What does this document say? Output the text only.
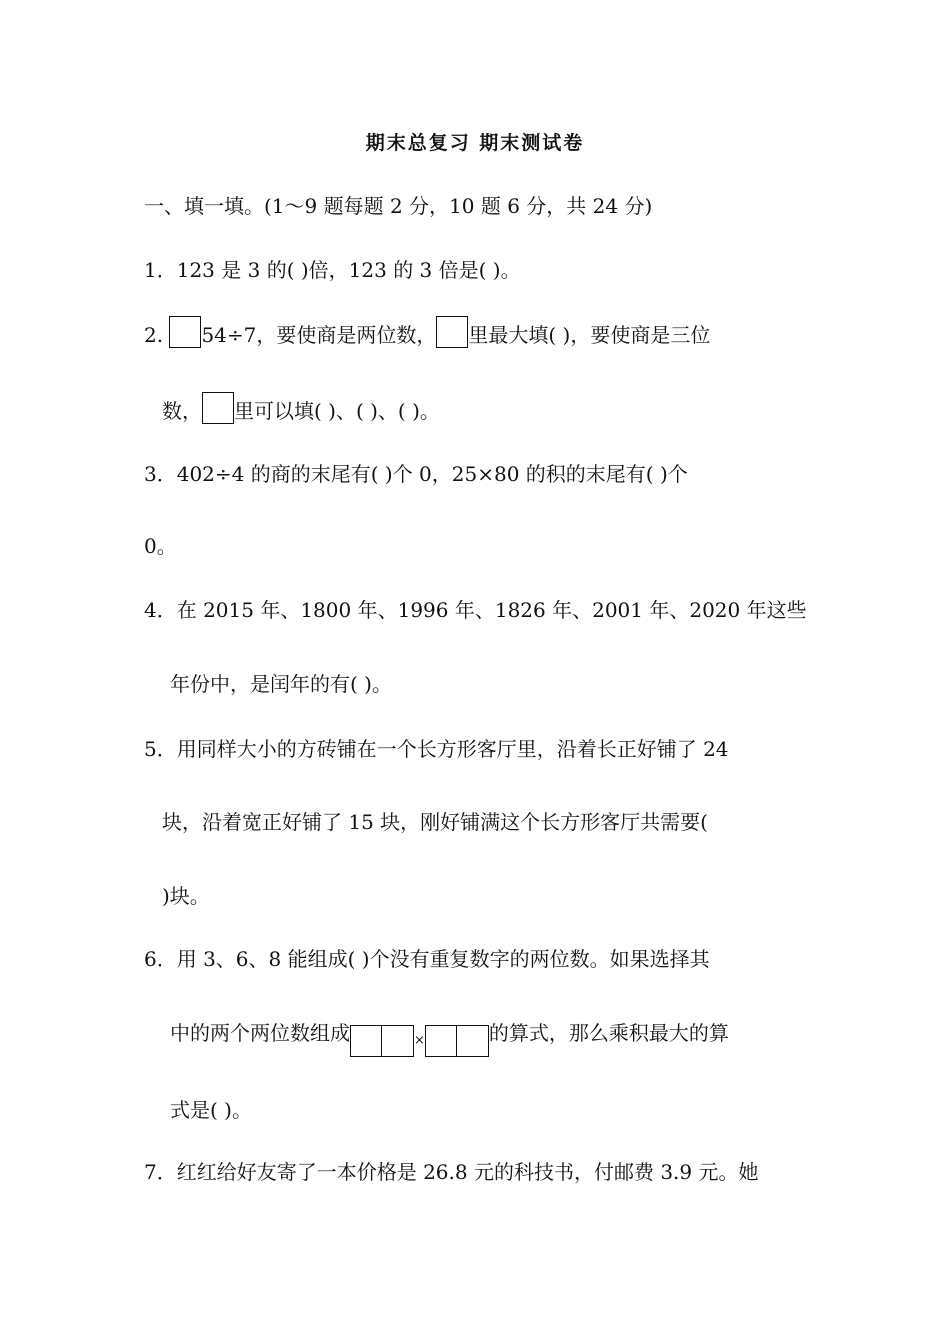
期末总复习 期末测试卷
一、填一填。(1～9 题每题 2 分，10 题 6 分，共 24 分)
1．123 是 3 的( )倍，123 的 3 倍是( )。
2. 54÷7，要使商是两位数， 里最大填( )，要使商是三位
数， 里可以填( )、( )、( )。
3．402÷4 的商的末尾有( )个 0，25×80 的积的末尾有( )个
0。
4．在 2015 年、1800 年、1996 年、1826 年、2001 年、2020 年这些
年份中，是闰年的有( )。
5．用同样大小的方砖铺在一个长方形客厅里，沿着长正好铺了 24
块，沿着宽正好铺了 15 块，刚好铺满这个长方形客厅共需要(
)块。
6．用 3、6、8 能组成( )个没有重复数字的两位数。如果选择其
中的两个两位数组成	$_\times$	的算式，那么乘积最大的算
式是( )。
7．红红给好友寄了一本价格是 26.8 元的科技书，付邮费 3.9 元。她
